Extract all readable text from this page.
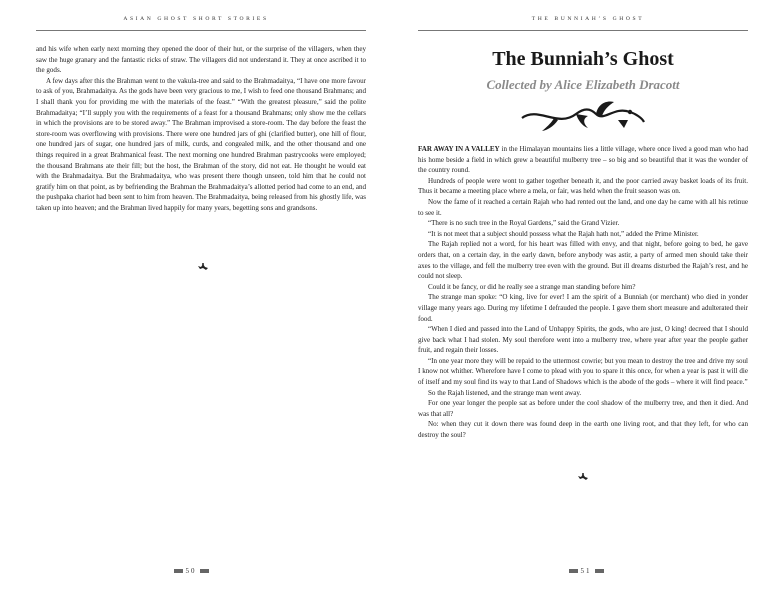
ASIAN GHOST SHORT STORIES

and his wife when early next morning they opened the door of their hut, or the surprise of the villagers, when they saw the huge granary and the fantastic ricks of straw. The villagers did not understand it. They at once ascribed it to the gods.

A few days after this the Brahman went to the vakula-tree and said to the Brahmadaitya, “I have one more favour to ask of you, Brahmadaitya. As the gods have been very gracious to me, I wish to feed one thousand Brahmans; and I shall thank you for providing me with the materials of the feast.” “With the greatest pleasure,” said the polite Brahmadaitya; “I’ll supply you with the requirements of a feast for a thousand Brahmans; only show me the cellars in which the provisions are to be stored away.” The Brahman improvised a store-room. The day before the feast the store-room was overflowing with provisions. There were one hundred jars of ghi (clarified butter), one hill of flour, one hundred jars of sugar, one hundred jars of milk, curds, and congealed milk, and the other thousand and one things required in a great Brahmanical feast. The next morning one hundred Brahman pastrycooks were employed; the thousand Brahmans ate their fill; but the host, the Brahman of the story, did not eat. He thought he would eat with the Brahmadaitya. But the Brahmadaitya, who was present there though unseen, told him that he could not gratify him on that point, as by befriending the Brahman the Brahmadaitya’s allotted period had come to an end, and the pushpaka chariot had been sent to him from heaven. The Brahmadaitya, being released from his ghostly life, was taken up into heaven; and the Brahman lived happily for many years, begetting sons and grandsons.

50
THE BUNNIAH’S GHOST
The Bunniah’s Ghost
Collected by Alice Elizabeth Dracott

FAR AWAY IN A VALLEY in the Himalayan mountains lies a little village, where once lived a good man who had his home beside a field in which grew a beautiful mulberry tree – so big and so beautiful that it was the wonder of the country round.

Hundreds of people were wont to gather together beneath it, and the poor carried away basket loads of its fruit. Thus it became a meeting place where a mela, or fair, was held when the fruit season was on.

Now the fame of it reached a certain Rajah who had rented out the land, and one day he came with all his retinue to see it.

“There is no such tree in the Royal Gardens,” said the Grand Vizier.

“It is not meet that a subject should possess what the Rajah hath not,” added the Prime Minister.

The Rajah replied not a word, for his heart was filled with envy, and that night, before going to bed, he gave orders that, on a certain day, in the early dawn, before anybody was astir, a party of armed men should take their axes to the village, and fell the mulberry tree even with the ground. But ill dreams disturbed the Rajah’s rest, and he could not sleep.

Could it be fancy, or did he really see a strange man standing before him?

The strange man spoke: “O king, live for ever! I am the spirit of a Bunniah (or merchant) who died in yonder village many years ago. During my lifetime I defrauded the people. I gave them short measure and adulterated their food.

“When I died and passed into the Land of Unhappy Spirits, the gods, who are just, O king! decreed that I should give back what I had stolen. My soul therefore went into a mulberry tree, where year after year the people gather fruit, and regain their losses.

“In one year more they will be repaid to the uttermost cowrie; but you mean to destroy the tree and drive my soul I know not whither. Wherefore have I come to plead with you to spare it this once, for when a year is past it will die of itself and my soul find its way to that Land of Shadows which is the abode of the gods – where it will find peace.”

So the Rajah listened, and the strange man went away.

For one year longer the people sat as before under the cool shadow of the mulberry tree, and then it died. And was that all?

No: when they cut it down there was found deep in the earth one living root, and that they left, for who can destroy the soul?

51
